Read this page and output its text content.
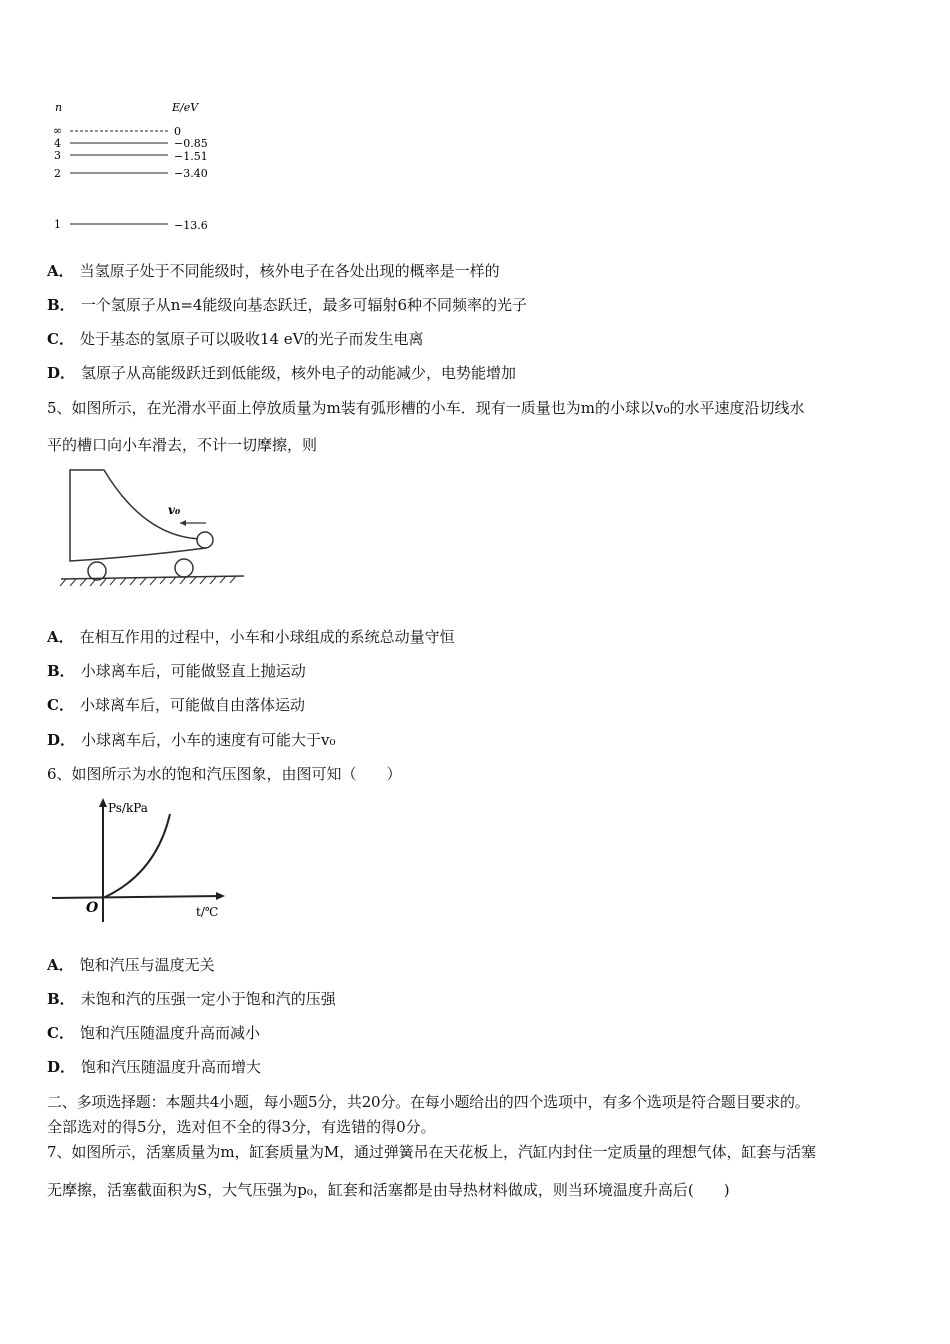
n	E/eV
∞	0
4	−0.85
3	−1.51
2	−3.40
1	−13.6
A． 当氢原子处于不同能级时，核外电子在各处出现的概率是一样的
B． 一个氢原子从n=4能级向基态跃迁，最多可辐射6种不同频率的光子
C． 处于基态的氢原子可以吸收14 eV的光子而发生电离
D． 氢原子从高能级跃迁到低能级，核外电子的动能减少，电势能增加
5、如图所示，在光滑水平面上停放质量为m装有弧形槽的小车．现有一质量也为m的小球以v₀的水平速度沿切线水
平的槽口向小车滑去，不计一切摩擦，则
v₀
A． 在相互作用的过程中，小车和小球组成的系统总动量守恒
B． 小球离车后，可能做竖直上抛运动
C． 小球离车后，可能做自由落体运动
D． 小球离车后，小车的速度有可能大于v₀
6、如图所示为水的饱和汽压图象，由图可知（　　）
Ps/kPa
t/℃
O
A． 饱和汽压与温度无关
B． 未饱和汽的压强一定小于饱和汽的压强
C． 饱和汽压随温度升高而减小
D． 饱和汽压随温度升高而增大
二、多项选择题：本题共4小题，每小题5分，共20分。在每小题给出的四个选项中，有多个选项是符合题目要求的。
全部选对的得5分，选对但不全的得3分，有选错的得0分。
7、如图所示，活塞质量为m，缸套质量为M，通过弹簧吊在天花板上，汽缸内封住一定质量的理想气体，缸套与活塞
无摩擦，活塞截面积为S，大气压强为p₀，缸套和活塞都是由导热材料做成，则当环境温度升高后(　　)
